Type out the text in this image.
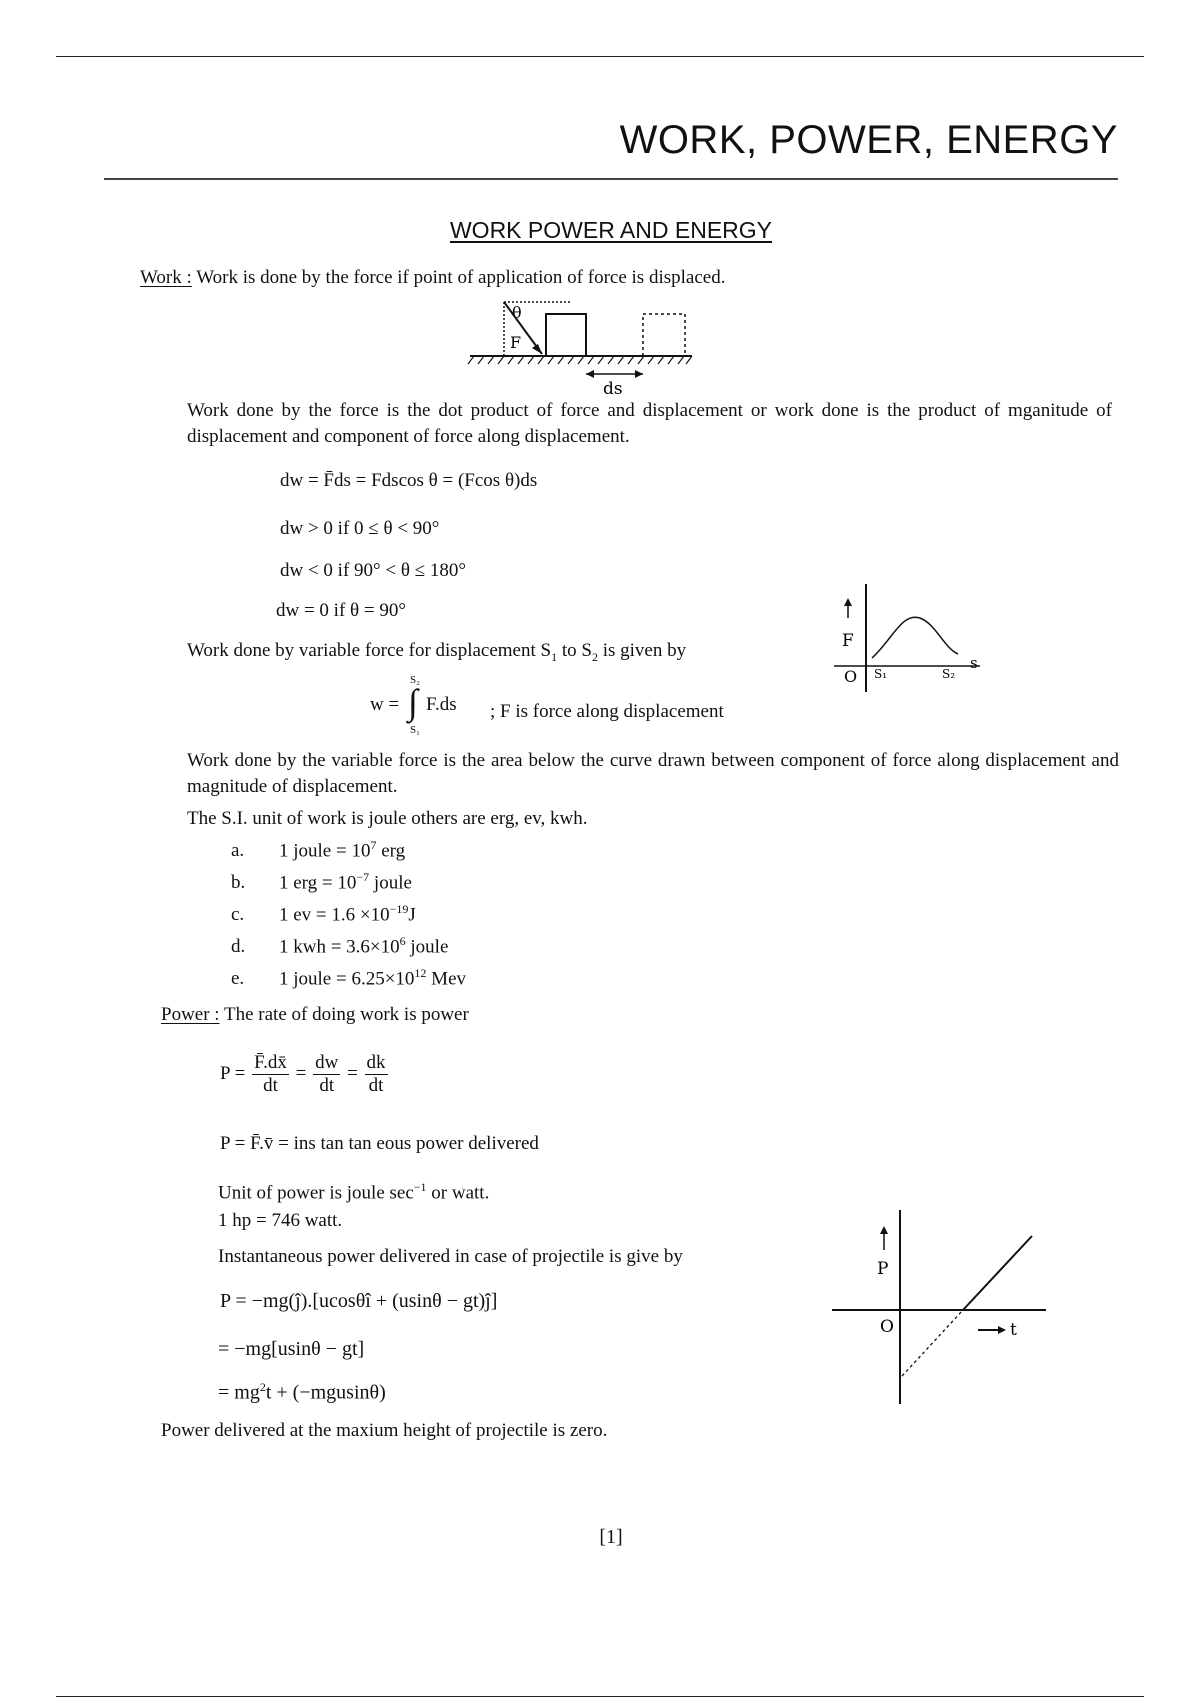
WORK, POWER, ENERGY
WORK POWER AND ENERGY
Work : Work is done by the force if point of application of force is displaced.
θ
F
ds
Work done by the force is the dot product of force and displacement or work done is the product of mganitude of displacement and component of force along displacement.
dw = F̄ds = Fdscos θ = (Fcos θ)ds
dw > 0 if 0 ≤ θ < 90°
dw < 0 if 90° < θ ≤ 180°
dw = 0 if θ = 90°
Work done by variable force for displacement $S_1$ to $S_2$ is given by
w =
S₂
∫
S₁
F.ds ; F is force along displacement
F
O S₁	S₂
s
Work done by the variable force is the area below the curve drawn between component of force along displacement and magnitude of displacement.
The S.I. unit of work is joule others are erg, ev, kwh.
a. 1 joule = $10^7$ erg
b. 1 erg = $10^{-7}$ joule
c. 1 ev = $1.6 \times 10^{-19}J$
d. 1 kwh = $3.6\times 10^6$ joule
e. 1 joule = $6.25\times 10^{12}$ Mev
Power : The rate of doing work is power
$P = \frac{F̄.dx̄}{dt} = \frac{dw}{dt} = \frac{dk}{dt}$
P = F̄.v̄ = ins tan tan eous power delivered
Unit of power is joule $\sec^{-1}$ or watt.
1 hp = 746 watt.
Instantaneous power delivered in case of projectile is give by
P = −mg(ĵ).[ucosθî + (usinθ − gt)ĵ]
= −mg[usinθ − gt]
= $mg^2t + (-mgusin\theta)$
P
O	t
Power delivered at the maxium height of projectile is zero.
[1]
